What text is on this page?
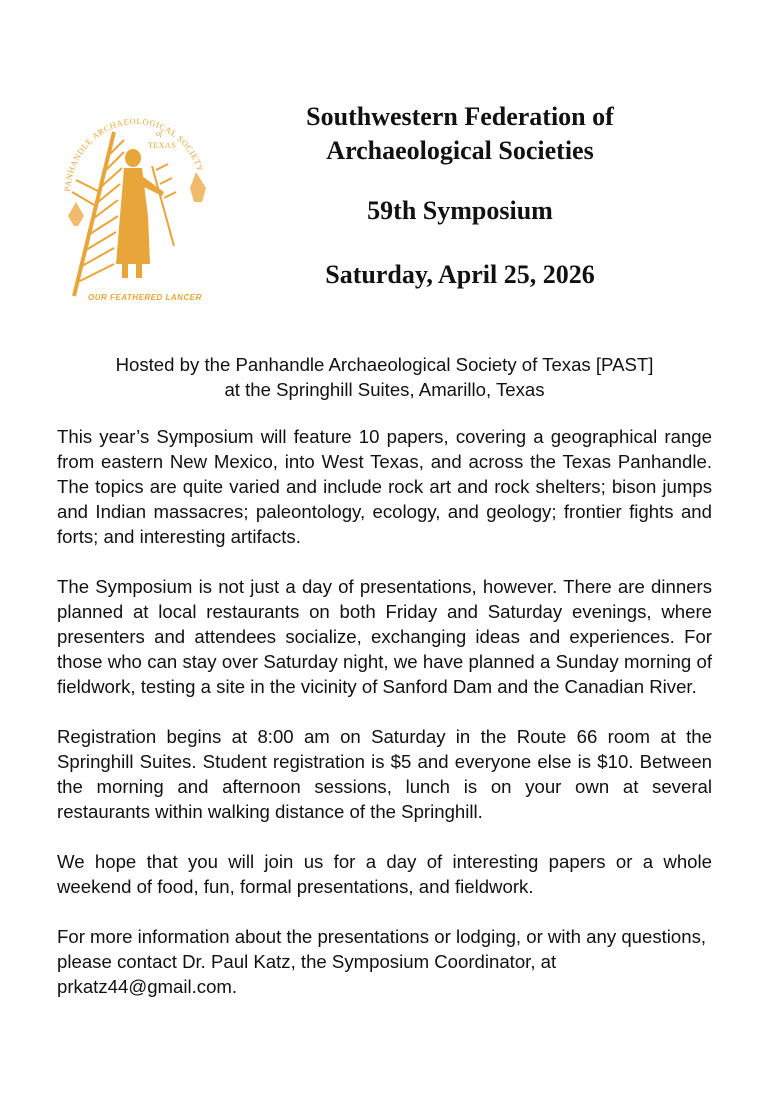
PANHANDLE ARCHAEOLOGICAL SOCIETY
of
TEXAS
OUR FEATHERED LANCER
Southwestern Federation of
Archaeological Societies
59th Symposium
Saturday, April 25, 2026
Hosted by the Panhandle Archaeological Society of Texas [PAST]
at the Springhill Suites, Amarillo, Texas

This year’s Symposium will feature 10 papers, covering a geographical range from eastern New Mexico, into West Texas, and across the Texas Panhandle. The topics are quite varied and include rock art and rock shelters; bison jumps and Indian massacres; paleontology, ecology, and geology; frontier fights and forts; and interesting artifacts.

The Symposium is not just a day of presentations, however. There are dinners planned at local restaurants on both Friday and Saturday evenings, where presenters and attendees socialize, exchanging ideas and experiences. For those who can stay over Saturday night, we have planned a Sunday morning of fieldwork, testing a site in the vicinity of Sanford Dam and the Canadian River.

Registration begins at 8:00 am on Saturday in the Route 66 room at the Springhill Suites. Student registration is $5 and everyone else is $10. Between the morning and afternoon sessions, lunch is on your own at several restaurants within walking distance of the Springhill.

We hope that you will join us for a day of interesting papers or a whole weekend of food, fun, formal presentations, and fieldwork.

For more information about the presentations or lodging, or with any questions, please contact Dr. Paul Katz, the Symposium Coordinator, at prkatz44@gmail.com.
